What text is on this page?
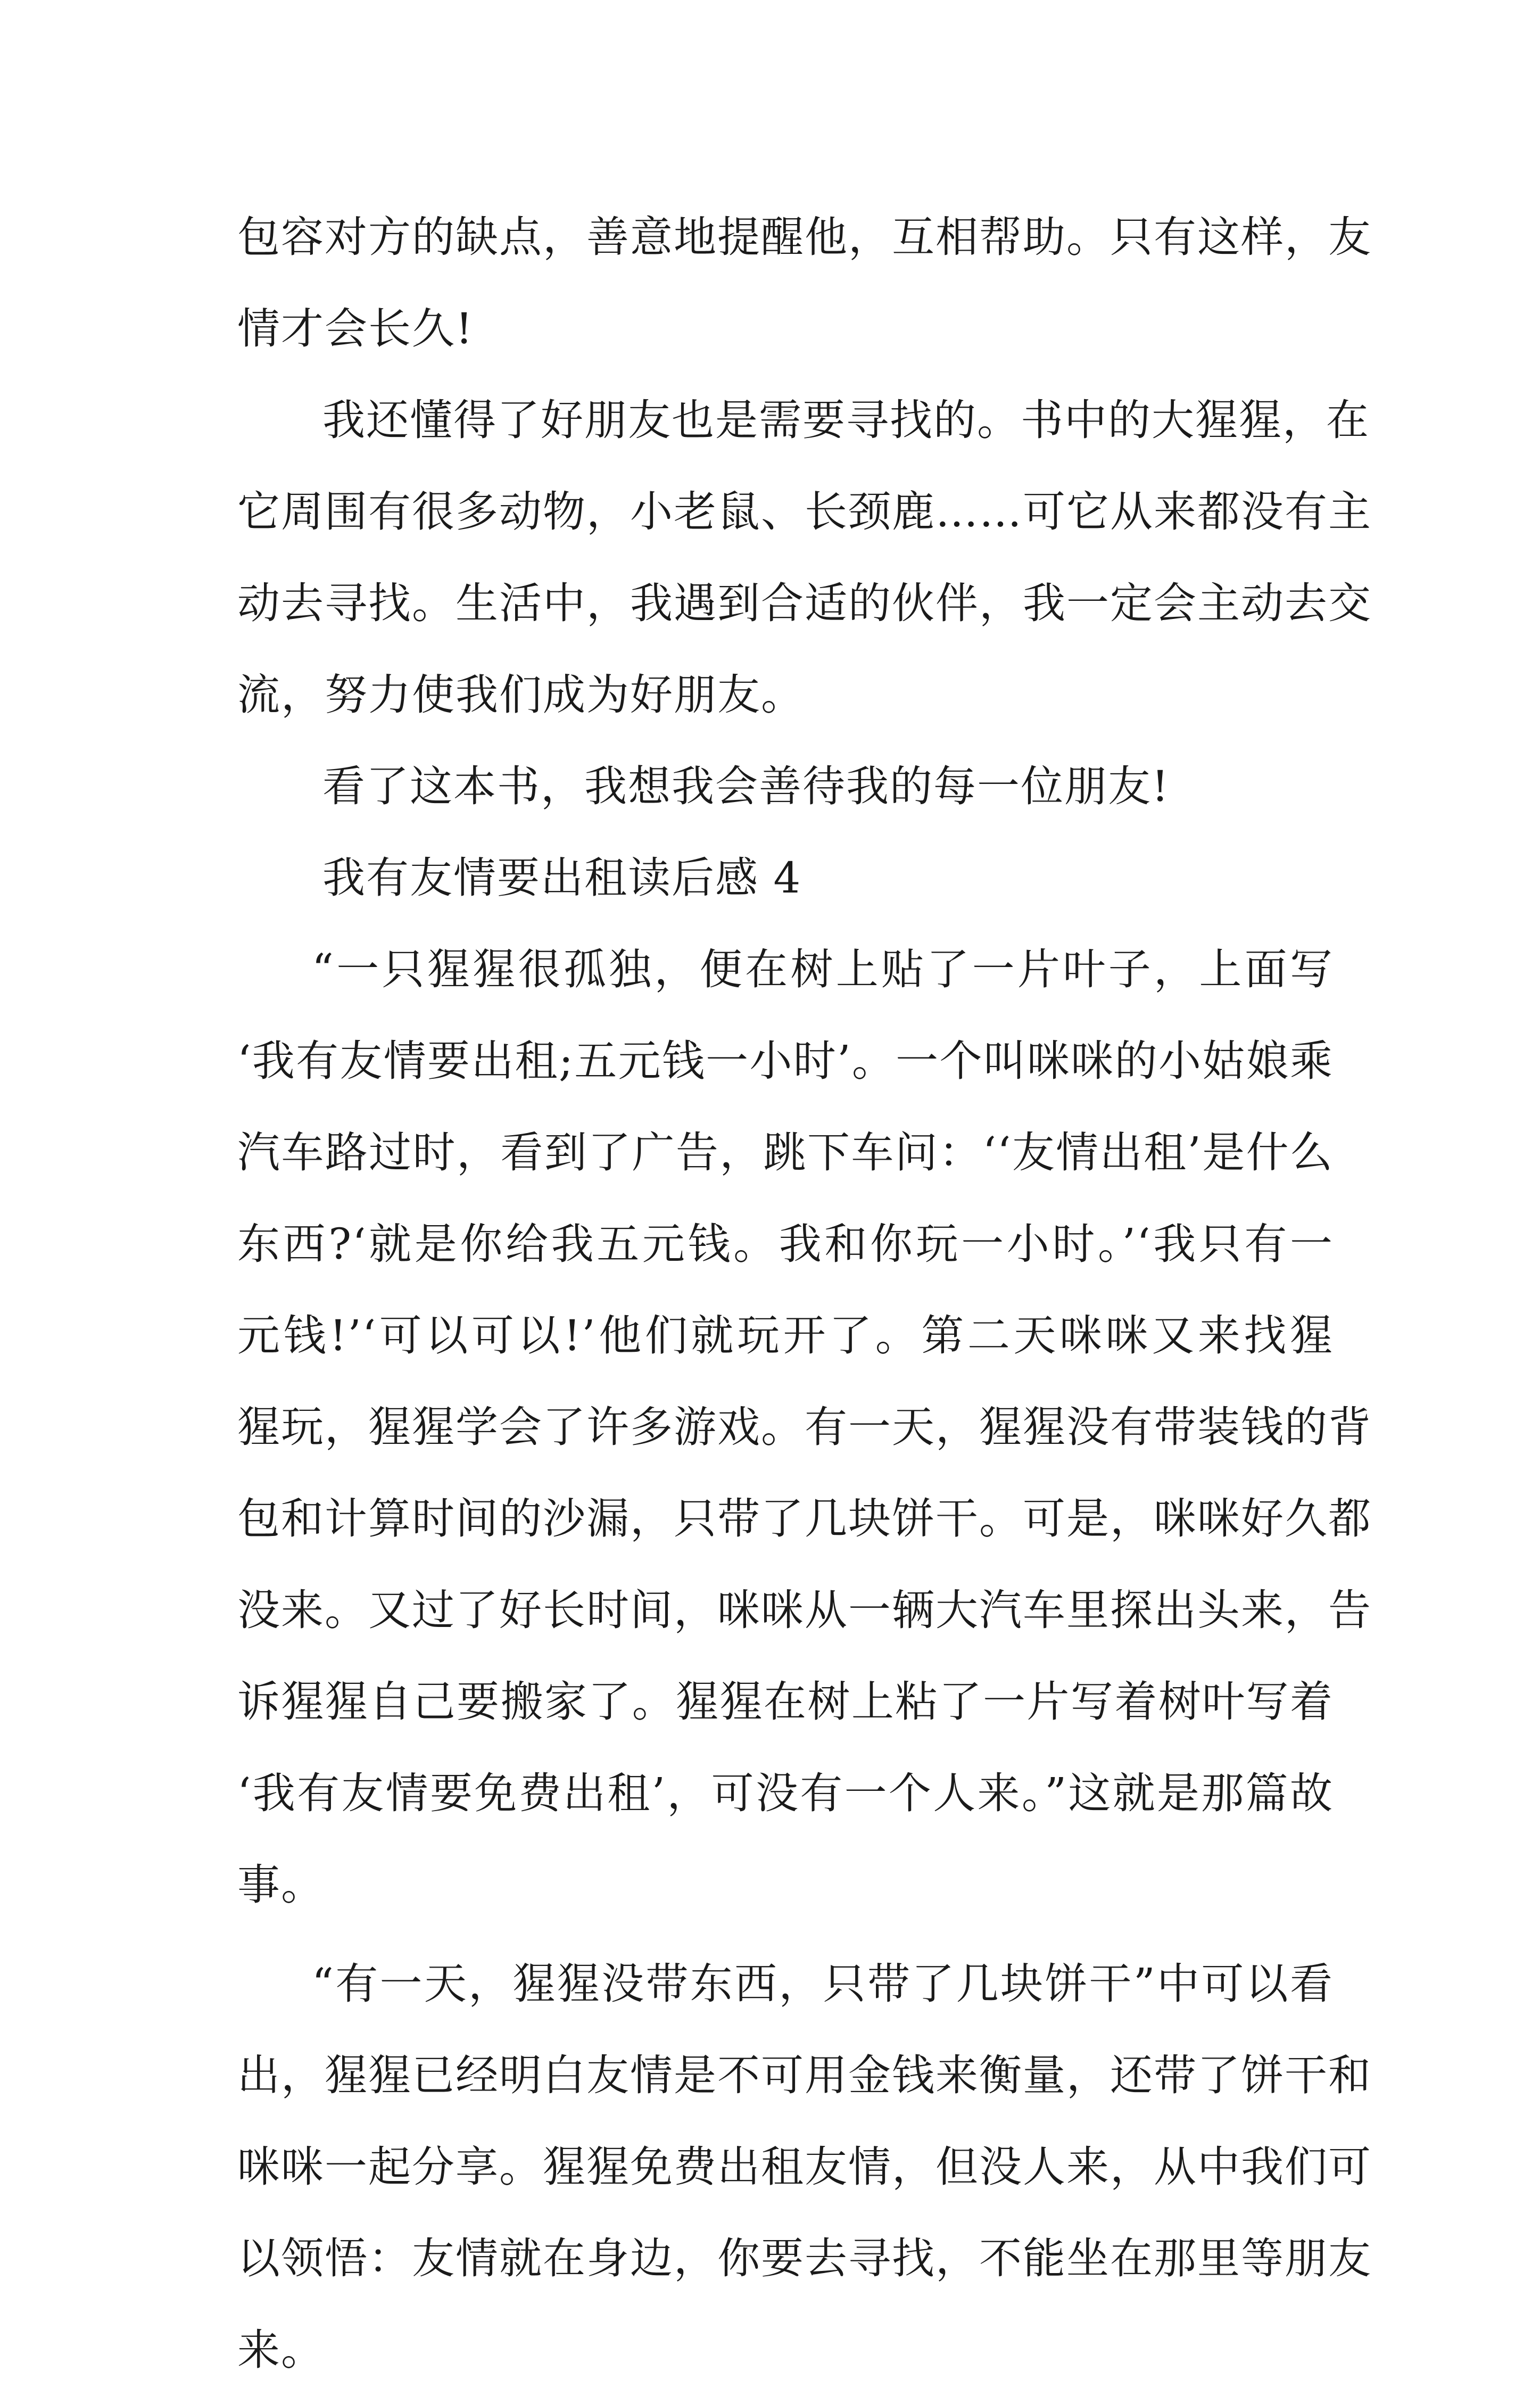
包容对方的缺点，善意地提醒他，互相帮助。只有这样，友
情才会长久!
我还懂得了好朋友也是需要寻找的。书中的大猩猩，在
它周围有很多动物，小老鼠、长颈鹿……可它从来都没有主
动去寻找。生活中，我遇到合适的伙伴，我一定会主动去交
流，努力使我们成为好朋友。
看了这本书，我想我会善待我的每一位朋友!
我有友情要出租读后感 4
“一只猩猩很孤独，便在树上贴了一片叶子，上面写
‘我有友情要出租;五元钱一小时’。一个叫咪咪的小姑娘乘
汽车路过时，看到了广告，跳下车问：‘‘友情出租’是什么
东西?‘就是你给我五元钱。我和你玩一小时。’‘我只有一
元钱!’‘可以可以!’他们就玩开了。第二天咪咪又来找猩
猩玩，猩猩学会了许多游戏。有一天，猩猩没有带装钱的背
包和计算时间的沙漏，只带了几块饼干。可是，咪咪好久都
没来。又过了好长时间，咪咪从一辆大汽车里探出头来，告
诉猩猩自己要搬家了。猩猩在树上粘了一片写着树叶写着
‘我有友情要免费出租’，可没有一个人来。”这就是那篇故
事。
“有一天，猩猩没带东西，只带了几块饼干”中可以看
出，猩猩已经明白友情是不可用金钱来衡量，还带了饼干和
咪咪一起分享。猩猩免费出租友情，但没人来，从中我们可
以领悟：友情就在身边，你要去寻找，不能坐在那里等朋友
来。
